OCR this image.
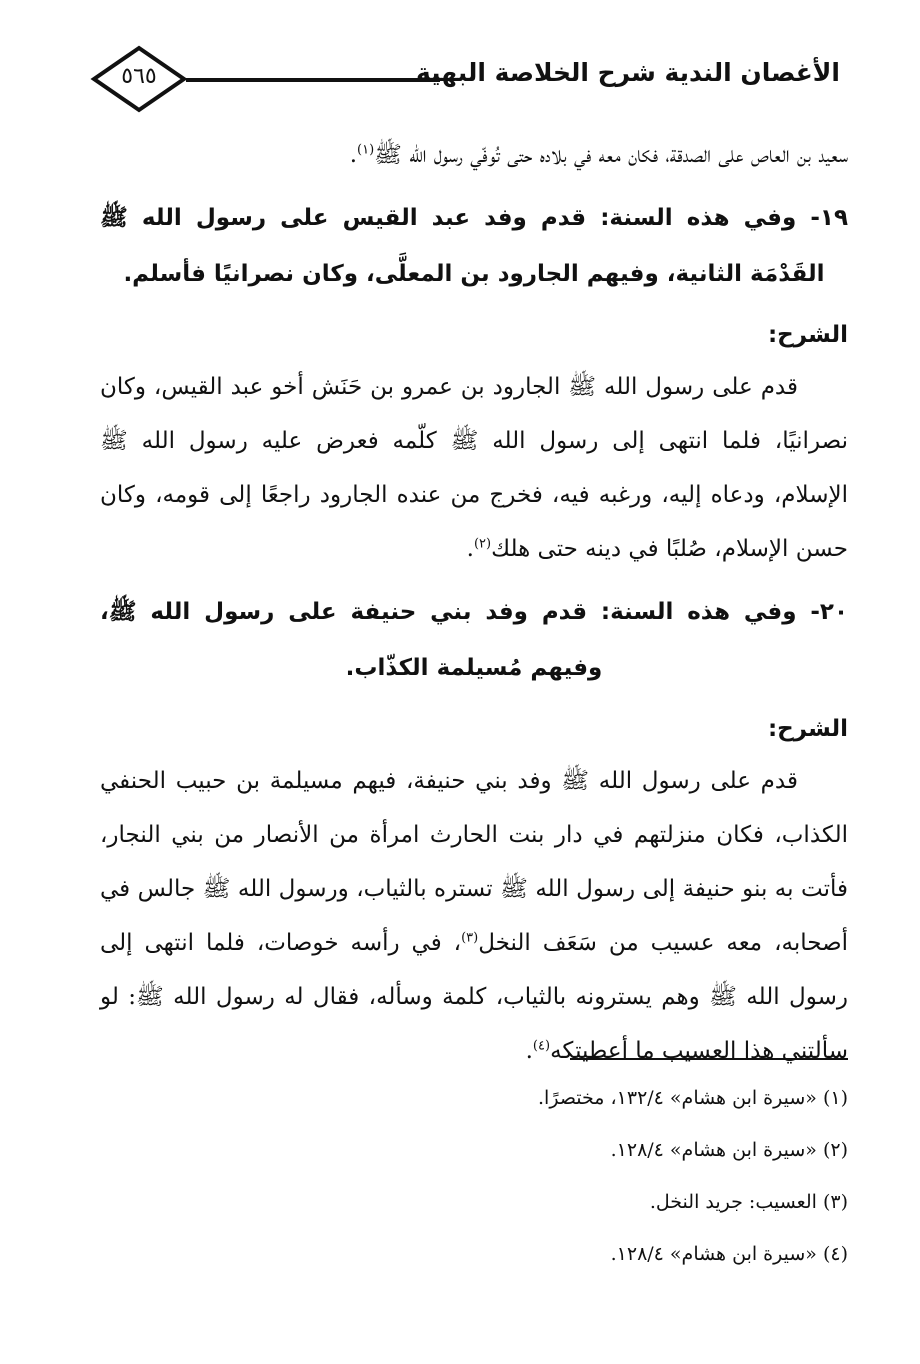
الأغصان الندية شرح الخلاصة البهية
٥٦٥

سعيد بن العاص على الصدقة، فكان معه في بلاده حتى تُوفّي رسول الله ﷺ$^{(١)}$.

١٩- وفي هذه السنة: قدم وفد عبد القيس على رسول الله ﷺ القَدْمَة الثانية، وفيهم الجارود بن المعلَّى، وكان نصرانيًا فأسلم.

الشرح:

قدم على رسول الله ﷺ الجارود بن عمرو بن حَنَش أخو عبد القيس، وكان نصرانيًا، فلما انتهى إلى رسول الله ﷺ كلّمه فعرض عليه رسول الله ﷺ الإسلام، ودعاه إليه، ورغبه فيه، فخرج من عنده الجارود راجعًا إلى قومه، وكان حسن الإسلام، صُلبًا في دينه حتى هلك$^{(٢)}$.

٢٠- وفي هذه السنة: قدم وفد بني حنيفة على رسول الله ﷺ، وفيهم مُسيلمة الكذّاب.

الشرح:

قدم على رسول الله ﷺ وفد بني حنيفة، فيهم مسيلمة بن حبيب الحنفي الكذاب، فكان منزلتهم في دار بنت الحارث امرأة من الأنصار من بني النجار، فأتت به بنو حنيفة إلى رسول الله ﷺ تستره بالثياب، ورسول الله ﷺ جالس في أصحابه، معه عسيب من سَعَف النخل$^{(٣)}$، في رأسه خوصات، فلما انتهى إلى رسول الله ﷺ وهم يسترونه بالثياب، كلمة وسأله، فقال له رسول الله ﷺ: لو سألتني هذا العسيب ما أعطيتكه$^{(٤)}$.

(١) «سيرة ابن هشام» ١٣٢/٤، مختصرًا.

(٢) «سيرة ابن هشام» ١٢٨/٤.

(٣) العسيب: جريد النخل.

(٤) «سيرة ابن هشام» ١٢٨/٤.
